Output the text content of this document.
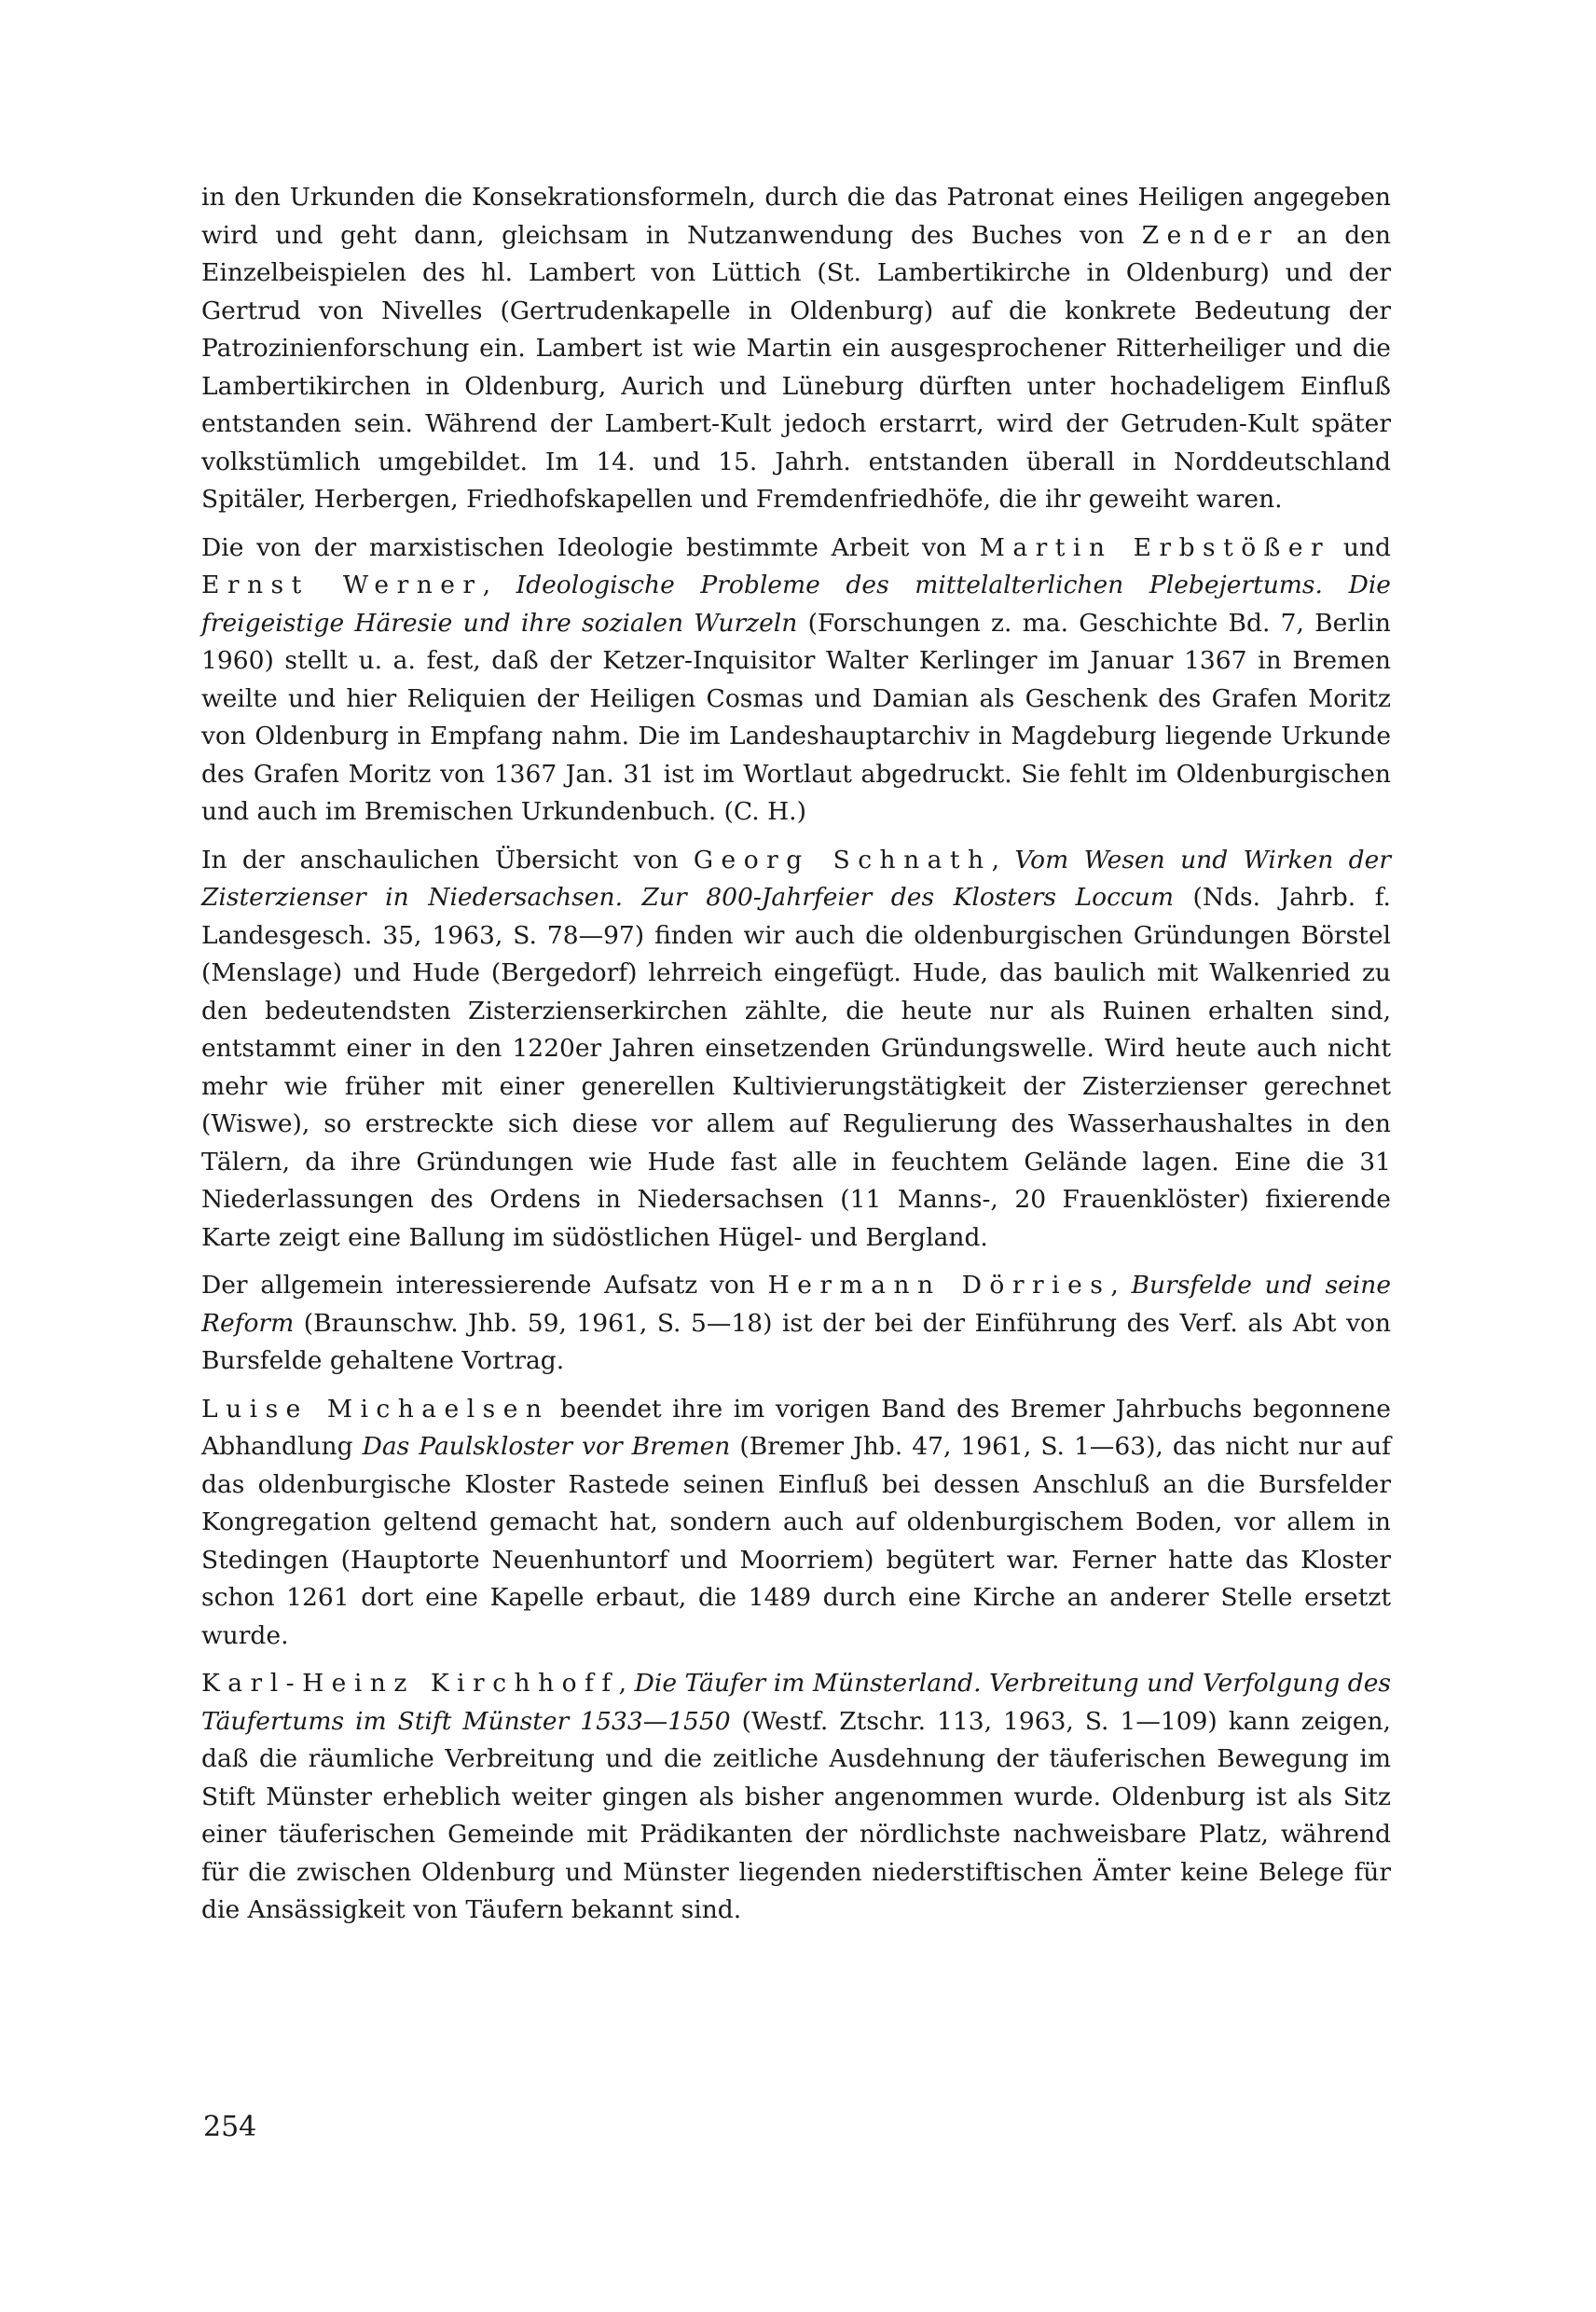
in den Urkunden die Konsekrationsformeln, durch die das Patronat eines Heiligen angegeben wird und geht dann, gleichsam in Nutzanwendung des Buches von Zender an den Einzelbeispielen des hl. Lambert von Lüttich (St. Lambertikirche in Oldenburg) und der Gertrud von Nivelles (Gertrudenkapelle in Oldenburg) auf die konkrete Bedeutung der Patrozinienforschung ein. Lambert ist wie Martin ein ausgesprochener Ritterheiliger und die Lambertikirchen in Oldenburg, Aurich und Lüneburg dürften unter hochadeligem Einfluß entstanden sein. Während der Lambert-Kult jedoch erstarrt, wird der Getruden-Kult später volkstümlich umgebildet. Im 14. und 15. Jahrh. entstanden überall in Norddeutschland Spitäler, Herbergen, Friedhofskapellen und Fremdenfriedhöfe, die ihr geweiht waren.

Die von der marxistischen Ideologie bestimmte Arbeit von Martin Erbstößer und Ernst Werner, Ideologische Probleme des mittelalterlichen Plebejertums. Die freigeistige Häresie und ihre sozialen Wurzeln (Forschungen z. ma. Geschichte Bd. 7, Berlin 1960) stellt u. a. fest, daß der Ketzer-Inquisitor Walter Kerlinger im Januar 1367 in Bremen weilte und hier Reliquien der Heiligen Cosmas und Damian als Geschenk des Grafen Moritz von Oldenburg in Empfang nahm. Die im Landeshauptarchiv in Magdeburg liegende Urkunde des Grafen Moritz von 1367 Jan. 31 ist im Wortlaut abgedruckt. Sie fehlt im Oldenburgischen und auch im Bremischen Urkundenbuch. (C. H.)

In der anschaulichen Übersicht von Georg Schnath, Vom Wesen und Wirken der Zisterzienser in Niedersachsen. Zur 800-Jahrfeier des Klosters Loccum (Nds. Jahrb. f. Landesgesch. 35, 1963, S. 78—97) finden wir auch die oldenburgischen Gründungen Börstel (Menslage) und Hude (Bergedorf) lehrreich eingefügt. Hude, das baulich mit Walkenried zu den bedeutendsten Zisterzienserkirchen zählte, die heute nur als Ruinen erhalten sind, entstammt einer in den 1220er Jahren einsetzenden Gründungswelle. Wird heute auch nicht mehr wie früher mit einer generellen Kultivierungstätigkeit der Zisterzienser gerechnet (Wiswe), so erstreckte sich diese vor allem auf Regulierung des Wasserhaushaltes in den Tälern, da ihre Gründungen wie Hude fast alle in feuchtem Gelände lagen. Eine die 31 Niederlassungen des Ordens in Niedersachsen (11 Manns-, 20 Frauenklöster) fixierende Karte zeigt eine Ballung im südöstlichen Hügel- und Bergland.

Der allgemein interessierende Aufsatz von Hermann Dörries, Bursfelde und seine Reform (Braunschw. Jhb. 59, 1961, S. 5—18) ist der bei der Einführung des Verf. als Abt von Bursfelde gehaltene Vortrag.

Luise Michaelsen beendet ihre im vorigen Band des Bremer Jahrbuchs begonnene Abhandlung Das Paulskloster vor Bremen (Bremer Jhb. 47, 1961, S. 1—63), das nicht nur auf das oldenburgische Kloster Rastede seinen Einfluß bei dessen Anschluß an die Bursfelder Kongregation geltend gemacht hat, sondern auch auf oldenburgischem Boden, vor allem in Stedingen (Hauptorte Neuenhuntorf und Moorriem) begütert war. Ferner hatte das Kloster schon 1261 dort eine Kapelle erbaut, die 1489 durch eine Kirche an anderer Stelle ersetzt wurde.

Karl-Heinz Kirchhoff, Die Täufer im Münsterland. Verbreitung und Verfolgung des Täufertums im Stift Münster 1533—1550 (Westf. Ztschr. 113, 1963, S. 1—109) kann zeigen, daß die räumliche Verbreitung und die zeitliche Ausdehnung der täuferischen Bewegung im Stift Münster erheblich weiter gingen als bisher angenommen wurde. Oldenburg ist als Sitz einer täuferischen Gemeinde mit Prädikanten der nördlichste nachweisbare Platz, während für die zwischen Oldenburg und Münster liegenden niederstiftischen Ämter keine Belege für die Ansässigkeit von Täufern bekannt sind.

254
